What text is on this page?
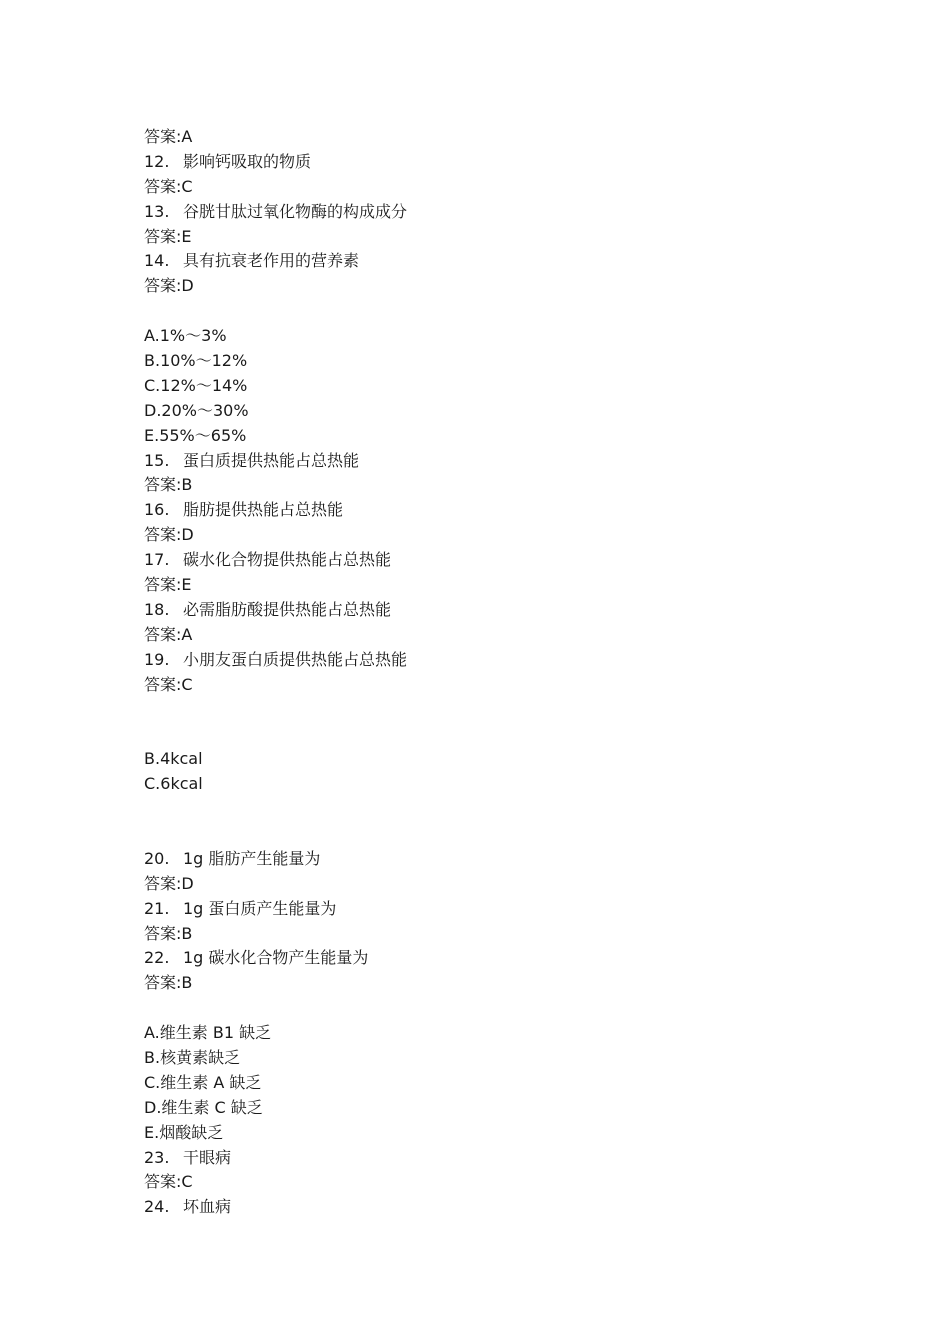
答案:A
12. 影响钙吸取的物质
答案:C
13. 谷胱甘肽过氧化物酶的构成成分
答案:E
14. 具有抗衰老作用的营养素
答案:D
A.1%～3%
B.10%～12%
C.12%～14%
D.20%～30%
E.55%～65%
15. 蛋白质提供热能占总热能
答案:B
16. 脂肪提供热能占总热能
答案:D
17. 碳水化合物提供热能占总热能
答案:E
18. 必需脂肪酸提供热能占总热能
答案:A
19. 小朋友蛋白质提供热能占总热能
答案:C
B.4kcal
C.6kcal
20. 1g 脂肪产生能量为
答案:D
21. 1g 蛋白质产生能量为
答案:B
22. 1g 碳水化合物产生能量为
答案:B
A.维生素 B1 缺乏
B.核黄素缺乏
C.维生素 A 缺乏
D.维生素 C 缺乏
E.烟酸缺乏
23. 干眼病
答案:C
24. 坏血病
